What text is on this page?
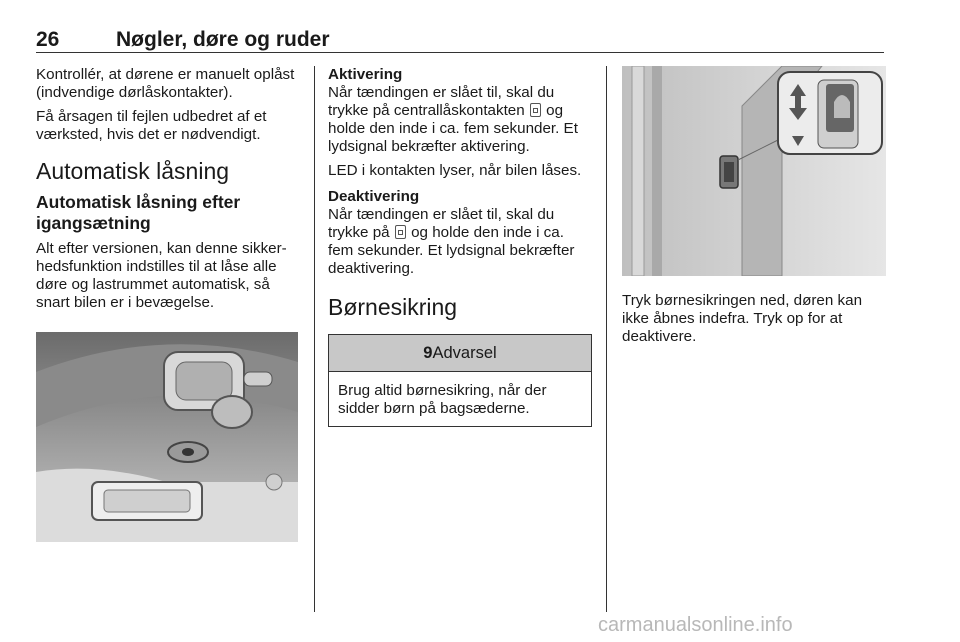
26	Nøgler, døre og ruder

Kontrollér, at dørene er manuelt oplåst (indvendige dørlåskontakter).

Få årsagen til fejlen udbedret af et værksted, hvis det er nødvendigt.

Automatisk låsning
Automatisk låsning efter igangsætning

Alt efter versionen, kan denne sikker-hedsfunktion indstilles til at låse alle døre og lastrummet automatisk, så snart bilen er i bevægelse.

Aktivering

Når tændingen er slået til, skal du trykke på centrallåskontakten og holde den inde i ca. fem sekunder. Et lydsignal bekræfter aktivering.

LED i kontakten lyser, når bilen låses.

Deaktivering

Når tændingen er slået til, skal du trykke på og holde den inde i ca. fem sekunder. Et lydsignal bekræfter deaktivering.

Børnesikring
9Advarsel

Brug altid børnesikring, når der sidder børn på bagsæderne.

Tryk børnesikringen ned, døren kan ikke åbnes indefra. Tryk op for at deaktivere.

carmanualsonline.info
